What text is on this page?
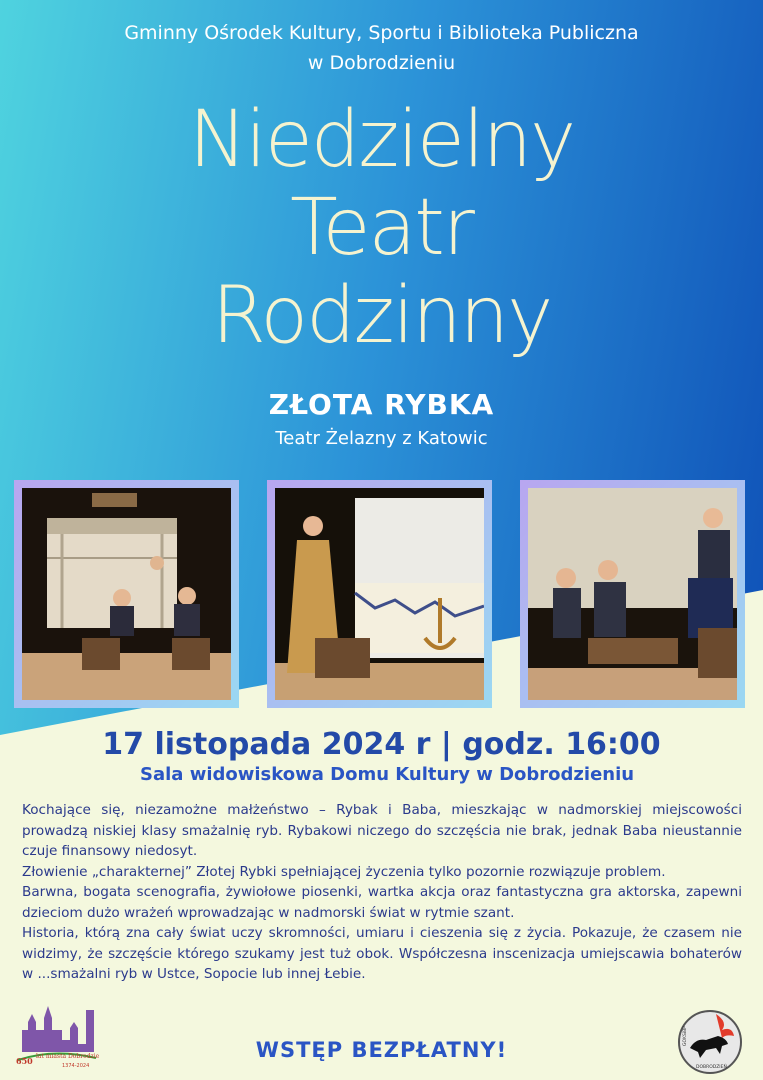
Gminny Ośrodek Kultury, Sportu i Biblioteka Publiczna
w Dobrodzieniu
Niedzielny
Teatr
Rodzinny
ZŁOTA RYBKA
Teatr Żelazny z Katowic
17 listopada 2024 r | godz. 16:00
Sala widowiskowa Domu Kultury w Dobrodzieniu

Kochające się, niezamożne małżeństwo – Rybak i Baba, mieszkając w nadmorskiej miejscowości prowadzą niskiej klasy smażalnię ryb. Rybakowi niczego do szczęścia nie brak, jednak Baba nieustannie czuje finansowy niedosyt.

Złowienie „charakternej” Złotej Rybki spełniającej życzenia tylko pozornie rozwiązuje problem.

Barwna, bogata scenografia, żywiołowe piosenki, wartka akcja oraz fantastyczna gra aktorska, zapewni dzieciom dużo wrażeń wprowadzając w nadmorski świat w rytmie szant.

Historia, którą zna cały świat uczy skromności, umiaru i cieszenia się z życia. Pokazuje, że czasem nie widzimy, że szczęście którego szukamy jest tuż obok. Współczesna inscenizacja umiejscawia bohaterów w ...smażalni ryb w Ustce, Sopocie lub innej Łebie.

650 lat miasta Dobrodzień
1374-2024
WSTĘP BEZPŁATNY!
GOKSiBP
DOBRODZIEŃ
